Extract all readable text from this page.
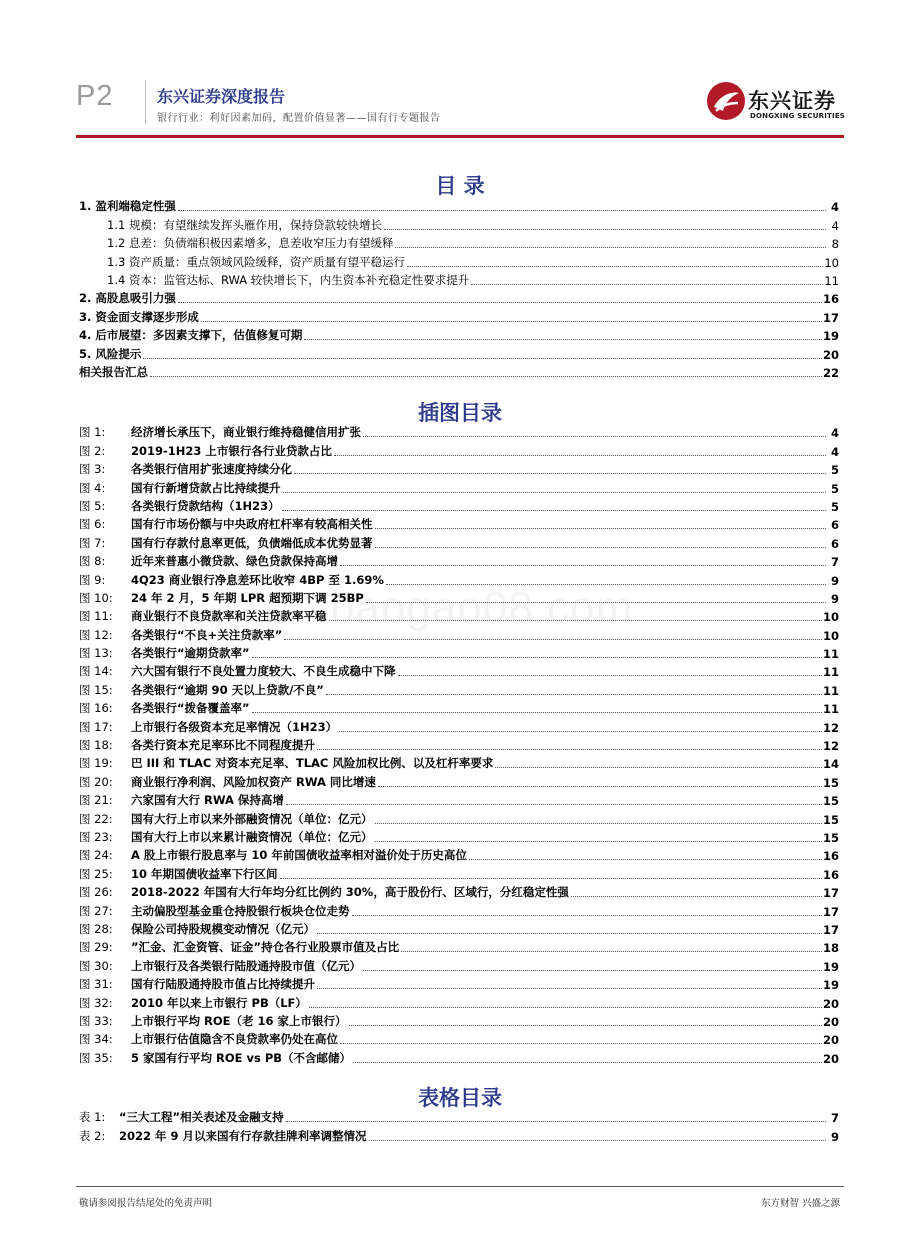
P2	东兴证券深度报告
银行行业：利好因素加码，配置价值显著——国有行专题报告
东兴证券
DONGXING SECURITIES
目 录
1. 盈利端稳定性强	4
1.1 规模：有望继续发挥头雁作用，保持贷款较快增长	4
1.2 息差：负债端积极因素增多，息差收窄压力有望缓释	8
1.3 资产质量：重点领域风险缓释，资产质量有望平稳运行	10
1.4 资本：监管达标、RWA 较快增长下，内生资本补充稳定性要求提升	11
2. 高股息吸引力强	16
3. 资金面支撑逐步形成	17
4. 后市展望：多因素支撑下，估值修复可期	19
5. 风险提示	20
相关报告汇总	22
插图目录
图 1: 经济增长承压下，商业银行维持稳健信用扩张	4
图 2: 2019-1H23 上市银行各行业贷款占比	4
图 3: 各类银行信用扩张速度持续分化	5
图 4: 国有行新增贷款占比持续提升	5
图 5: 各类银行贷款结构（1H23）	5
图 6: 国有行市场份额与中央政府杠杆率有较高相关性	6
图 7: 国有行存款付息率更低，负债端低成本优势显著	6
图 8: 近年来普惠小微贷款、绿色贷款保持高增	7
图 9: 4Q23 商业银行净息差环比收窄 4BP 至 1.69%	9
图 10: 24 年 2 月，5 年期 LPR 超预期下调 25BP	9
图 11: 商业银行不良贷款率和关注贷款率平稳	10
图 12: 各类银行“不良+关注贷款率”	10
图 13: 各类银行“逾期贷款率”	11
图 14: 六大国有银行不良处置力度较大、不良生成稳中下降	11
图 15: 各类银行“逾期 90 天以上贷款/不良”	11
图 16: 各类银行“拨备覆盖率”	11
图 17: 上市银行各级资本充足率情况（1H23）	12
图 18: 各类行资本充足率环比不同程度提升	12
图 19: 巴 III 和 TLAC 对资本充足率、TLAC 风险加权比例、以及杠杆率要求	14
图 20: 商业银行净利润、风险加权资产 RWA 同比增速	15
图 21: 六家国有大行 RWA 保持高增	15
图 22: 国有大行上市以来外部融资情况（单位：亿元）	15
图 23: 国有大行上市以来累计融资情况（单位：亿元）	15
图 24: A 股上市银行股息率与 10 年前国债收益率相对溢价处于历史高位	16
图 25: 10 年期国债收益率下行区间	16
图 26: 2018-2022 年国有大行年均分红比例约 30%，高于股份行、区域行，分红稳定性强	17
图 27: 主动偏股型基金重仓持股银行板块仓位走势	17
图 28: 保险公司持股规模变动情况（亿元）	17
图 29: ”汇金、汇金资管、证金”持仓各行业股票市值及占比	18
图 30: 上市银行及各类银行陆股通持股市值（亿元）	19
图 31: 国有行陆股通持股市值占比持续提升	19
图 32: 2010 年以来上市银行 PB（LF）	20
图 33: 上市银行平均 ROE（老 16 家上市银行）	20
图 34: 上市银行估值隐含不良贷款率仍处在高位	20
图 35: 5 家国有行平均 ROE vs PB（不含邮储）	20
baogao08.com
表格目录
表 1: “三大工程”相关表述及金融支持	7
表 2: 2022 年 9 月以来国有行存款挂牌利率调整情况	9
敬请参阅报告结尾处的免责声明	东方财智 兴盛之源
